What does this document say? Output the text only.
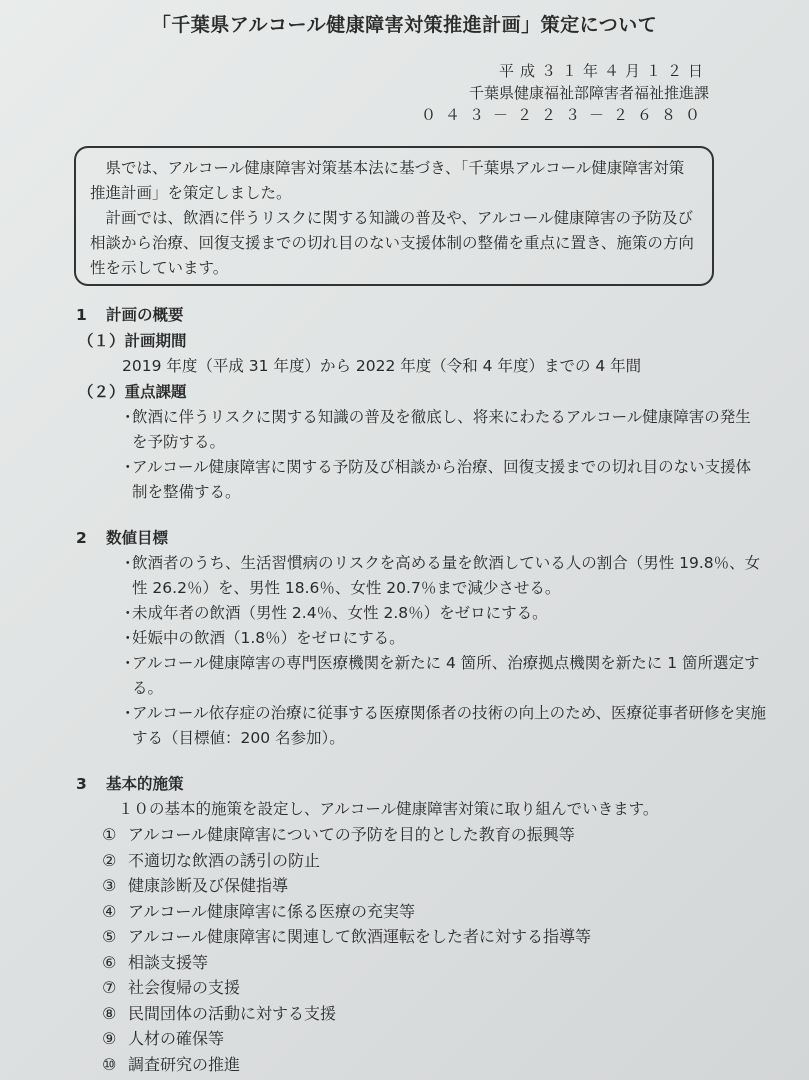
「千葉県アルコール健康障害対策推進計画」策定について
平成３１年４月１２日
千葉県健康福祉部障害者福祉推進課
０４３－２２３－２６８０

　県では、アルコール健康障害対策基本法に基づき、「千葉県アルコール健康障害対策推進計画」を策定しました。

　計画では、飲酒に伴うリスクに関する知識の普及や、アルコール健康障害の予防及び相談から治療、回復支援までの切れ目のない支援体制の整備を重点に置き、施策の方向性を示しています。

1 計画の概要
（１）計画期間
2019 年度（平成 31 年度）から 2022 年度（令和 4 年度）までの 4 年間
（２）重点課題
・
飲酒に伴うリスクに関する知識の普及を徹底し、将来にわたるアルコール健康障害の発生を予防する。
・
アルコール健康障害に関する予防及び相談から治療、回復支援までの切れ目のない支援体制を整備する。
2 数値目標
・
飲酒者のうち、生活習慣病のリスクを高める量を飲酒している人の割合（男性 19.8％、女性 26.2％）を、男性 18.6％、女性 20.7％まで減少させる。
・
未成年者の飲酒（男性 2.4％、女性 2.8％）をゼロにする。
・
妊娠中の飲酒（1.8％）をゼロにする。
・
アルコール健康障害の専門医療機関を新たに 4 箇所、治療拠点機関を新たに 1 箇所選定する。
・
アルコール依存症の治療に従事する医療関係者の技術の向上のため、医療従事者研修を実施する（目標値：200 名参加）。
3 基本的施策
１０の基本的施策を設定し、アルコール健康障害対策に取り組んでいきます。
① アルコール健康障害についての予防を目的とした教育の振興等
② 不適切な飲酒の誘引の防止
③ 健康診断及び保健指導
④ アルコール健康障害に係る医療の充実等
⑤ アルコール健康障害に関連して飲酒運転をした者に対する指導等
⑥ 相談支援等
⑦ 社会復帰の支援
⑧ 民間団体の活動に対する支援
⑨ 人材の確保等
⑩ 調査研究の推進
